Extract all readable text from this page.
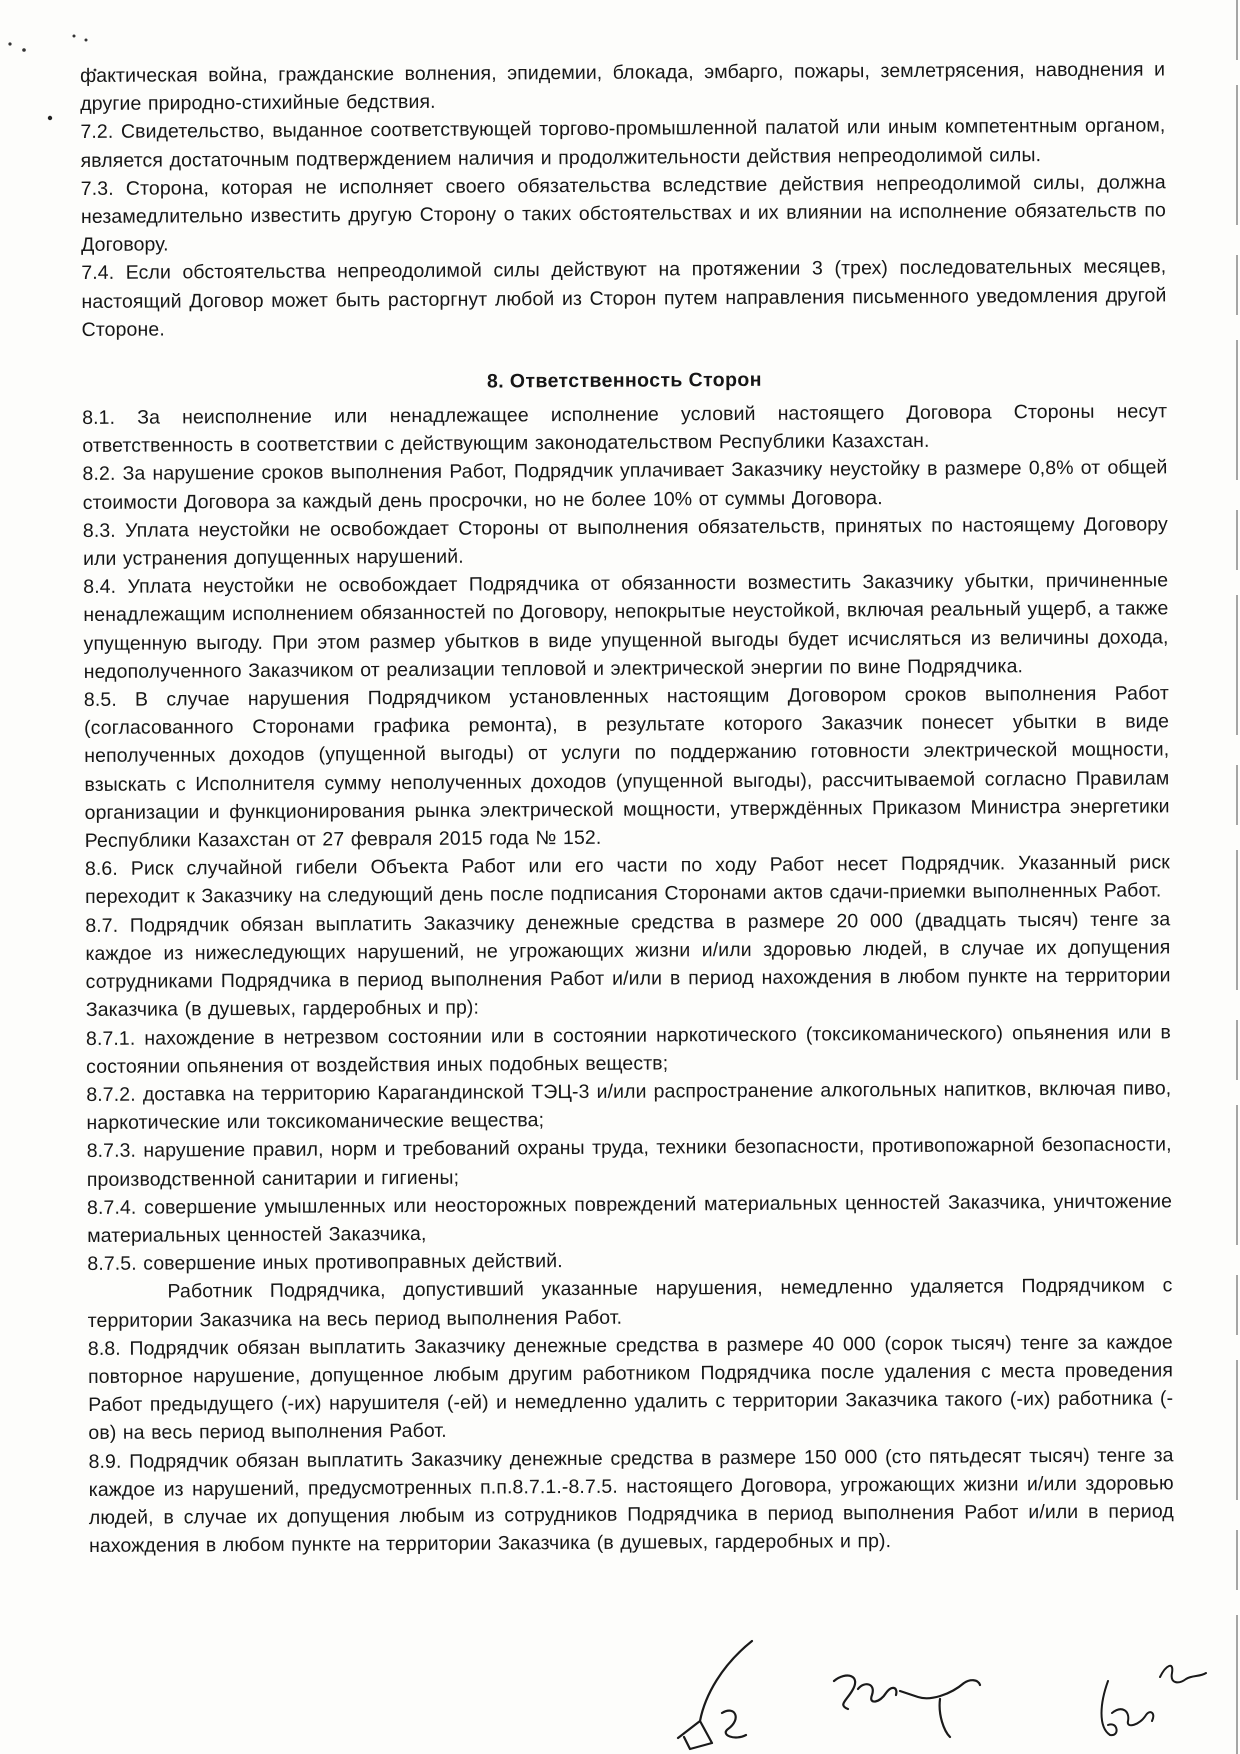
фактическая война, гражданские волнения, эпидемии, блокада, эмбарго, пожары, землетрясения, наводнения и другие природно-стихийные бедствия.

7.2. Свидетельство, выданное соответствующей торгово-промышленной палатой или иным компетентным органом, является достаточным подтверждением наличия и продолжительности действия непреодолимой силы.

7.3. Сторона, которая не исполняет своего обязательства вследствие действия непреодолимой силы, должна незамедлительно известить другую Сторону о таких обстоятельствах и их влиянии на исполнение обязательств по Договору.

7.4. Если обстоятельства непреодолимой силы действуют на протяжении 3 (трех) последовательных месяцев, настоящий Договор может быть расторгнут любой из Сторон путем направления письменного уведомления другой Стороне.

8. Ответственность Сторон

8.1. За неисполнение или ненадлежащее исполнение условий настоящего Договора Стороны несут ответственность в соответствии с действующим законодательством Республики Казахстан.

8.2. За нарушение сроков выполнения Работ, Подрядчик уплачивает Заказчику неустойку в размере 0,8% от общей стоимости Договора за каждый день просрочки, но не более 10% от суммы Договора.

8.3. Уплата неустойки не освобождает Стороны от выполнения обязательств, принятых по настоящему Договору или устранения допущенных нарушений.

8.4. Уплата неустойки не освобождает Подрядчика от обязанности возместить Заказчику убытки, причиненные ненадлежащим исполнением обязанностей по Договору, непокрытые неустойкой, включая реальный ущерб, а также упущенную выгоду. При этом размер убытков в виде упущенной выгоды будет исчисляться из величины дохода, недополученного Заказчиком от реализации тепловой и электрической энергии по вине Подрядчика.

8.5. В случае нарушения Подрядчиком установленных настоящим Договором сроков выполнения Работ (согласованного Сторонами графика ремонта), в результате которого Заказчик понесет убытки в виде неполученных доходов (упущенной выгоды) от услуги по поддержанию готовности электрической мощности, взыскать с Исполнителя сумму неполученных доходов (упущенной выгоды), рассчитываемой согласно Правилам организации и функционирования рынка электрической мощности, утверждённых Приказом Министра энергетики Республики Казахстан от 27 февраля 2015 года № 152.

8.6. Риск случайной гибели Объекта Работ или его части по ходу Работ несет Подрядчик. Указанный риск переходит к Заказчику на следующий день после подписания Сторонами актов сдачи-приемки выполненных Работ.

8.7. Подрядчик обязан выплатить Заказчику денежные средства в размере 20 000 (двадцать тысяч) тенге за каждое из нижеследующих нарушений, не угрожающих жизни и/или здоровью людей, в случае их допущения сотрудниками Подрядчика в период выполнения Работ и/или в период нахождения в любом пункте на территории Заказчика (в душевых, гардеробных и пр):

8.7.1. нахождение в нетрезвом состоянии или в состоянии наркотического (токсикоманического) опьянения или в состоянии опьянения от воздействия иных подобных веществ;

8.7.2. доставка на территорию Карагандинской ТЭЦ-3 и/или распространение алкогольных напитков, включая пиво, наркотические или токсикоманические вещества;

8.7.3. нарушение правил, норм и требований охраны труда, техники безопасности, противопожарной безопасности, производственной санитарии и гигиены;

8.7.4. совершение умышленных или неосторожных повреждений материальных ценностей Заказчика, уничтожение материальных ценностей Заказчика,

8.7.5. совершение иных противоправных действий.

Работник Подрядчика, допустивший указанные нарушения, немедленно удаляется Подрядчиком с территории Заказчика на весь период выполнения Работ.

8.8. Подрядчик обязан выплатить Заказчику денежные средства в размере 40 000 (сорок тысяч) тенге за каждое повторное нарушение, допущенное любым другим работником Подрядчика после удаления с места проведения Работ предыдущего (-их) нарушителя (-ей) и немедленно удалить с территории Заказчика такого (-их) работника (-ов) на весь период выполнения Работ.

8.9. Подрядчик обязан выплатить Заказчику денежные средства в размере 150 000 (сто пятьдесят тысяч) тенге за каждое из нарушений, предусмотренных п.п.8.7.1.-8.7.5. настоящего Договора, угрожающих жизни и/или здоровью людей, в случае их допущения любым из сотрудников Подрядчика в период выполнения Работ и/или в период нахождения в любом пункте на территории Заказчика (в душевых, гардеробных и пр).
